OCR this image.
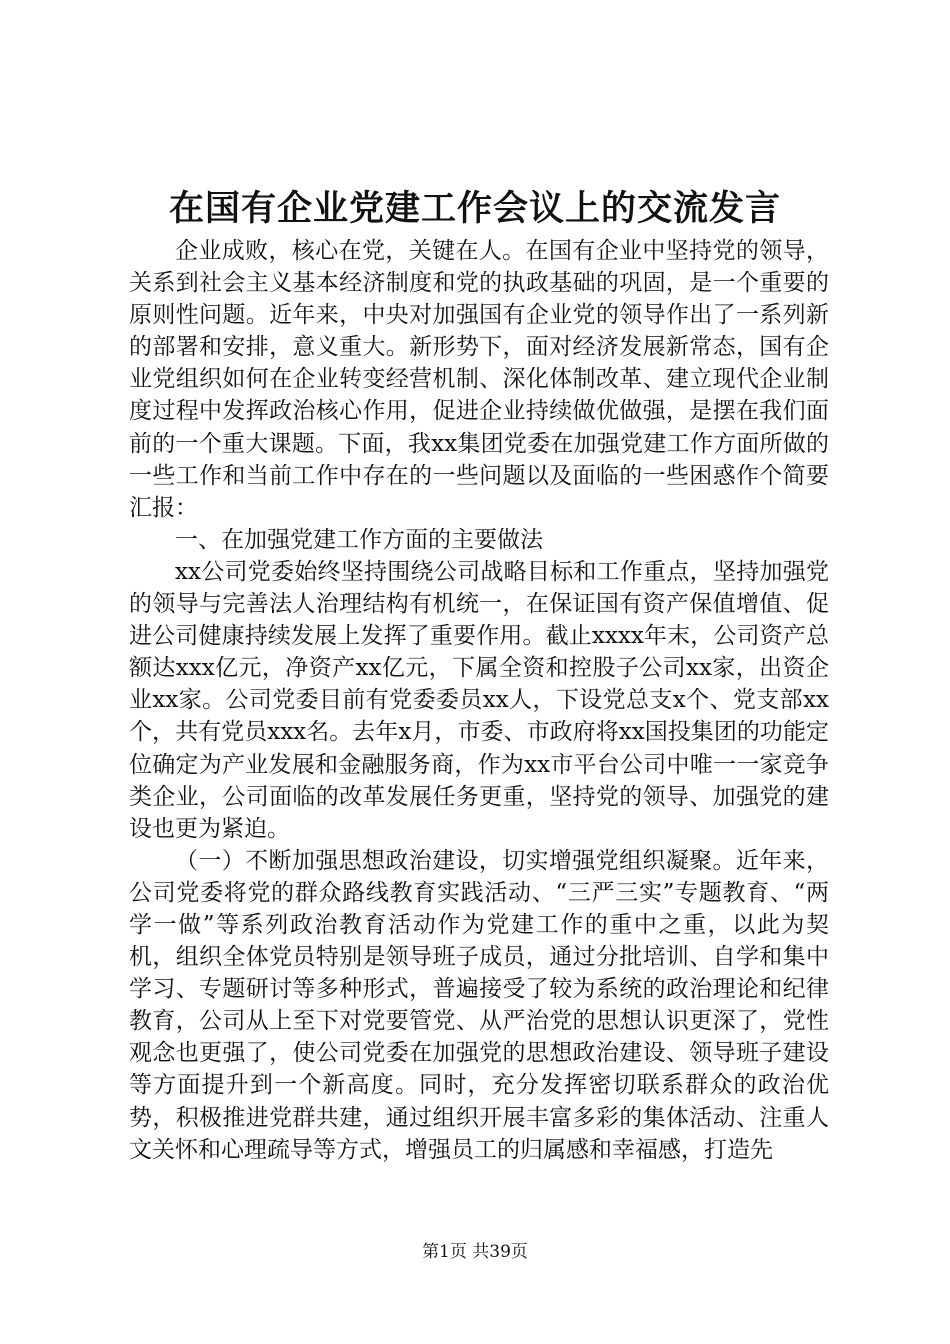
在国有企业党建工作会议上的交流发言

企业成败，核心在党，关键在人。在国有企业中坚持党的领导，关系到社会主义基本经济制度和党的执政基础的巩固，是一个重要的原则性问题。近年来，中央对加强国有企业党的领导作出了一系列新的部署和安排，意义重大。新形势下，面对经济发展新常态，国有企业党组织如何在企业转变经营机制、深化体制改革、建立现代企业制度过程中发挥政治核心作用，促进企业持续做优做强，是摆在我们面前的一个重大课题。下面，我xx集团党委在加强党建工作方面所做的一些工作和当前工作中存在的一些问题以及面临的一些困惑作个简要汇报：

一、在加强党建工作方面的主要做法

xx公司党委始终坚持围绕公司战略目标和工作重点，坚持加强党的领导与完善法人治理结构有机统一，在保证国有资产保值增值、促进公司健康持续发展上发挥了重要作用。截止xxxx年末，公司资产总额达xxx亿元，净资产xx亿元，下属全资和控股子公司xx家，出资企业xx家。公司党委目前有党委委员xx人，下设党总支x个、党支部xx个，共有党员xxx名。去年x月，市委、市政府将xx国投集团的功能定位确定为产业发展和金融服务商，作为xx市平台公司中唯一一家竞争类企业，公司面临的改革发展任务更重，坚持党的领导、加强党的建设也更为紧迫。

（一）不断加强思想政治建设，切实增强党组织凝聚。近年来，公司党委将党的群众路线教育实践活动、“三严三实”专题教育、“两学一做”等系列政治教育活动作为党建工作的重中之重，以此为契机，组织全体党员特别是领导班子成员，通过分批培训、自学和集中学习、专题研讨等多种形式，普遍接受了较为系统的政治理论和纪律教育，公司从上至下对党要管党、从严治党的思想认识更深了，党性观念也更强了，使公司党委在加强党的思想政治建设、领导班子建设等方面提升到一个新高度。同时，充分发挥密切联系群众的政治优势，积极推进党群共建，通过组织开展丰富多彩的集体活动、注重人文关怀和心理疏导等方式，增强员工的归属感和幸福感，打造先

第1页 共39页
